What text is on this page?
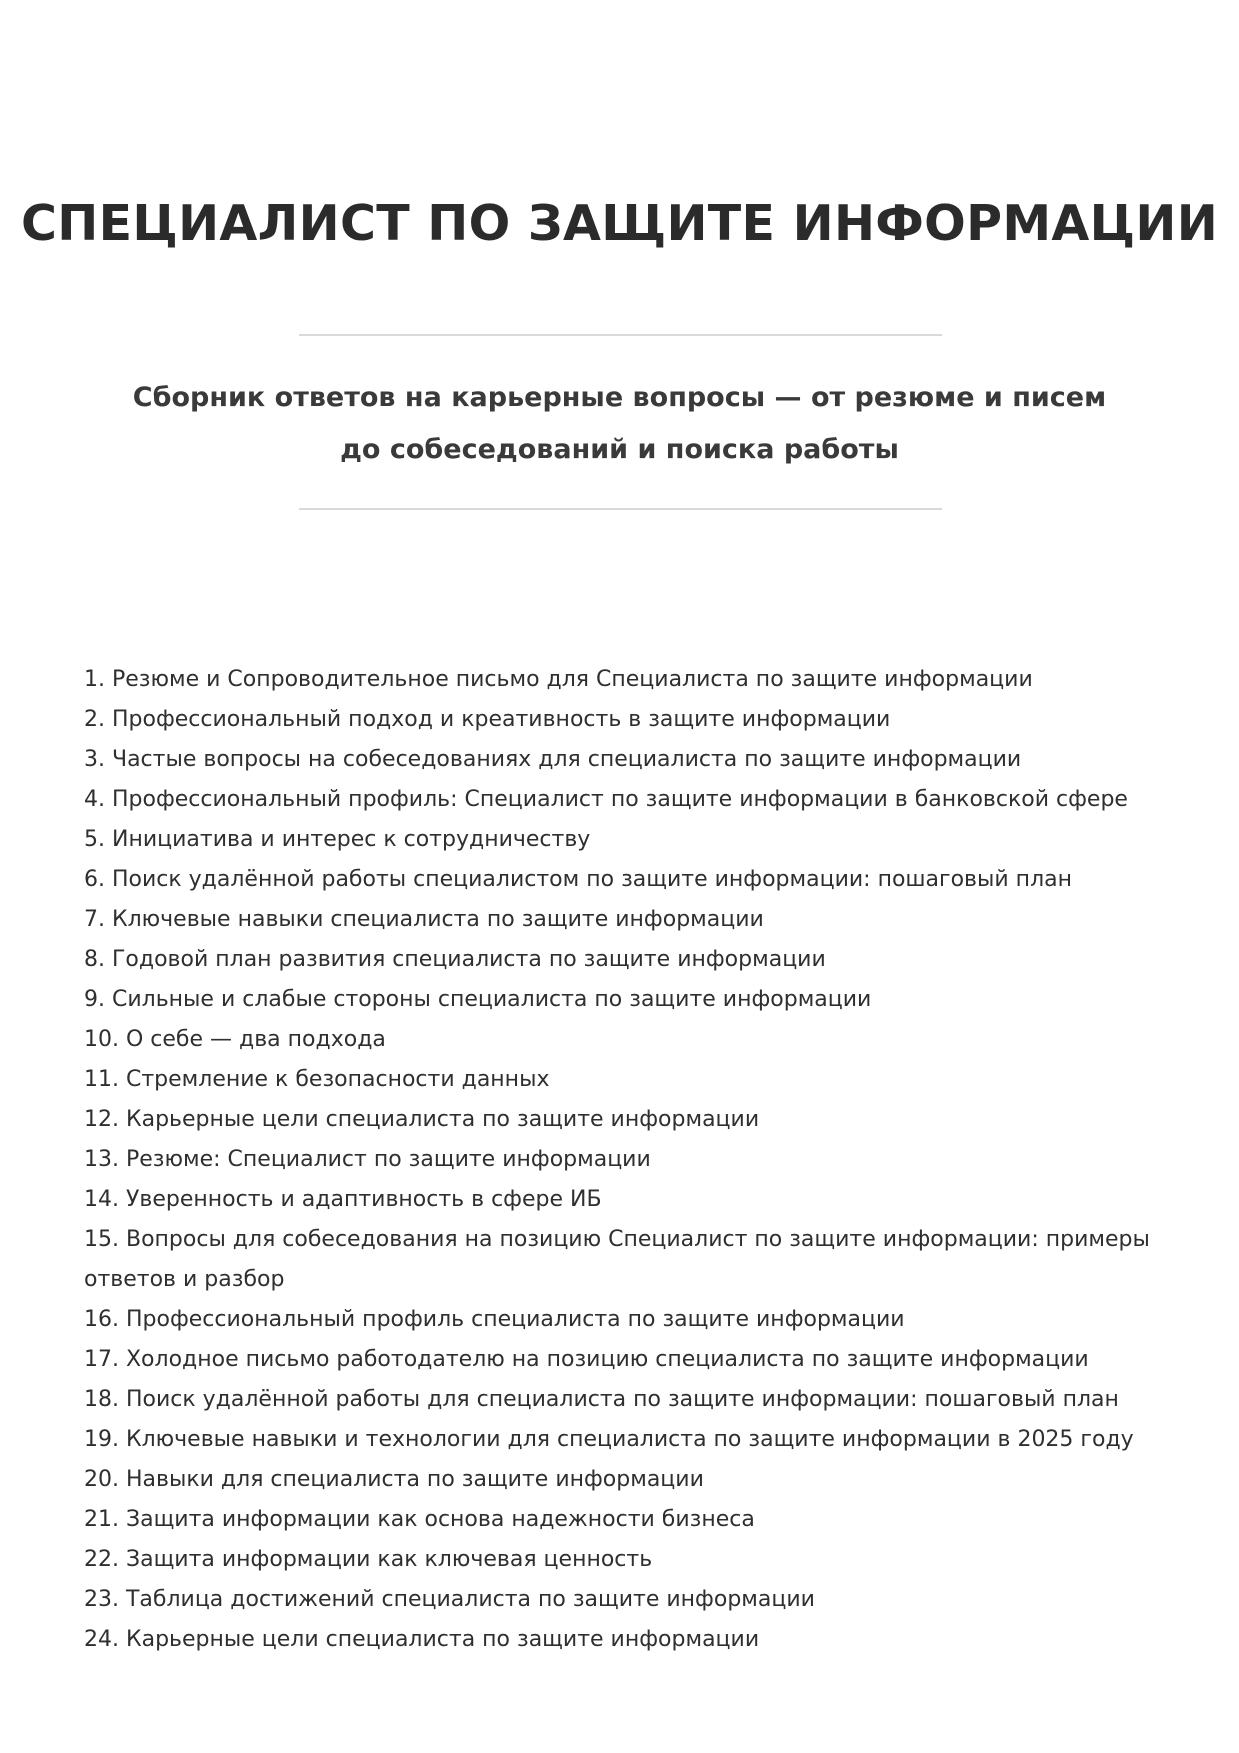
СПЕЦИАЛИСТ ПО ЗАЩИТЕ ИНФОРМАЦИИ

Сборник ответов на карьерные вопросы — от резюме и писем до собеседований и поиска работы

1. Резюме и Сопроводительное письмо для Специалиста по защите информации
2. Профессиональный подход и креативность в защите информации
3. Частые вопросы на собеседованиях для специалиста по защите информации
4. Профессиональный профиль: Специалист по защите информации в банковской сфере
5. Инициатива и интерес к сотрудничеству
6. Поиск удалённой работы специалистом по защите информации: пошаговый план
7. Ключевые навыки специалиста по защите информации
8. Годовой план развития специалиста по защите информации
9. Сильные и слабые стороны специалиста по защите информации
10. О себе — два подхода
11. Стремление к безопасности данных
12. Карьерные цели специалиста по защите информации
13. Резюме: Специалист по защите информации
14. Уверенность и адаптивность в сфере ИБ
15. Вопросы для собеседования на позицию Специалист по защите информации: примеры ответов и разбор
16. Профессиональный профиль специалиста по защите информации
17. Холодное письмо работодателю на позицию специалиста по защите информации
18. Поиск удалённой работы для специалиста по защите информации: пошаговый план
19. Ключевые навыки и технологии для специалиста по защите информации в 2025 году
20. Навыки для специалиста по защите информации
21. Защита информации как основа надежности бизнеса
22. Защита информации как ключевая ценность
23. Таблица достижений специалиста по защите информации
24. Карьерные цели специалиста по защите информации
